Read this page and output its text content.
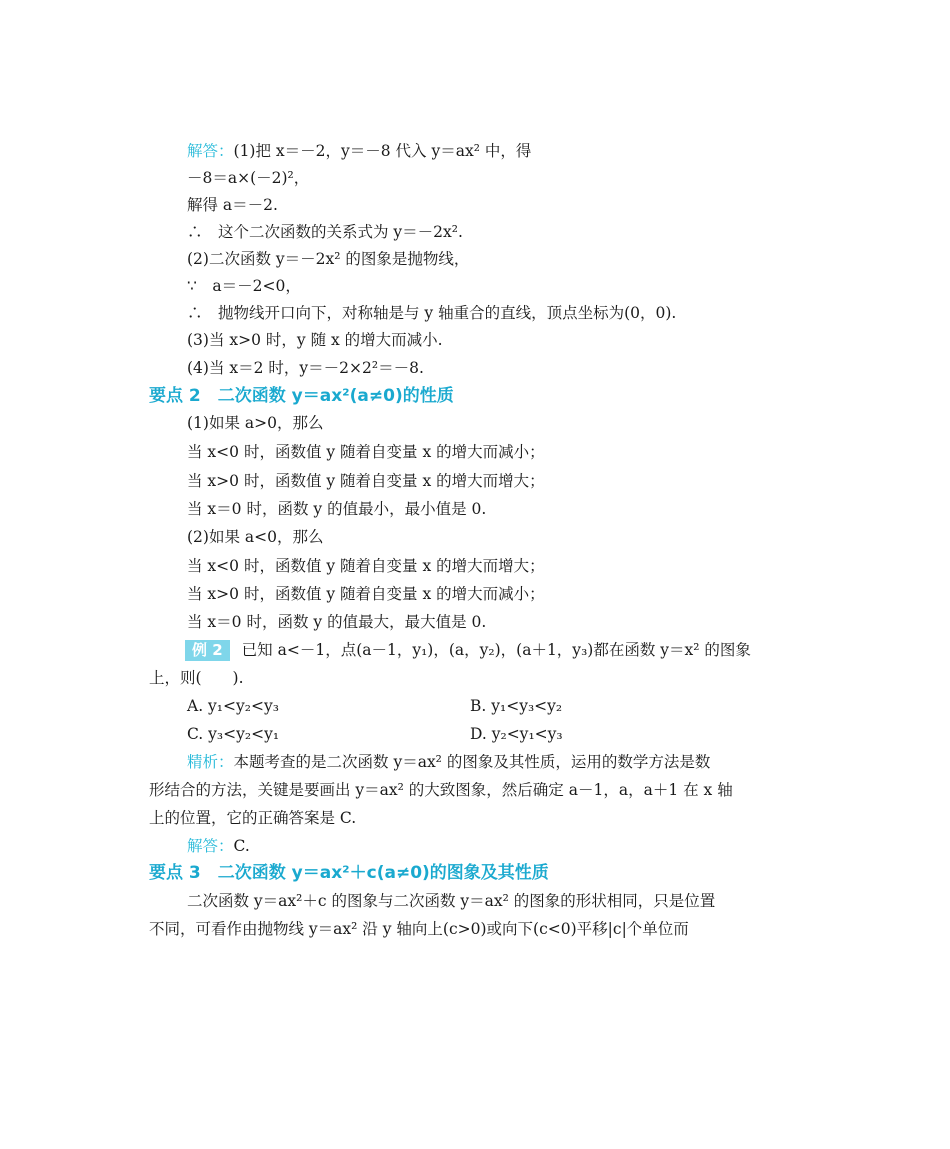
解答：(1)把 x＝－2，y＝－8 代入 y＝ax² 中，得
－8＝a×(－2)²，
解得 a＝－2.
∴　这个二次函数的关系式为 y＝－2x².
(2)二次函数 y＝－2x² 的图象是抛物线，
∵　a＝－2<0，
∴　抛物线开口向下，对称轴是与 y 轴重合的直线，顶点坐标为(0，0).
(3)当 x>0 时，y 随 x 的增大而减小.
(4)当 x＝2 时，y＝－2×2²＝－8.
要点 2　二次函数 y＝ax²(a≠0)的性质
(1)如果 a>0，那么
当 x<0 时，函数值 y 随着自变量 x 的增大而减小；
当 x>0 时，函数值 y 随着自变量 x 的增大而增大；
当 x＝0 时，函数 y 的值最小，最小值是 0.
(2)如果 a<0，那么
当 x<0 时，函数值 y 随着自变量 x 的增大而增大；
当 x>0 时，函数值 y 随着自变量 x 的增大而减小；
当 x＝0 时，函数 y 的值最大，最大值是 0.
例 2 已知 a<－1，点(a－1，y₁)，(a，y₂)，(a＋1，y₃)都在函数 y＝x² 的图象
上，则(　　).
A. y₁<y₂<y₃	B. y₁<y₃<y₂
C. y₃<y₂<y₁	D. y₂<y₁<y₃
精析：本题考查的是二次函数 y＝ax² 的图象及其性质，运用的数学方法是数
形结合的方法，关键是要画出 y＝ax² 的大致图象，然后确定 a－1，a，a＋1 在 x 轴
上的位置，它的正确答案是 C.
解答：C.
要点 3　二次函数 y＝ax²＋c(a≠0)的图象及其性质
二次函数 y＝ax²＋c 的图象与二次函数 y＝ax² 的图象的形状相同，只是位置
不同，可看作由抛物线 y＝ax² 沿 y 轴向上(c>0)或向下(c<0)平移|c|个单位而
